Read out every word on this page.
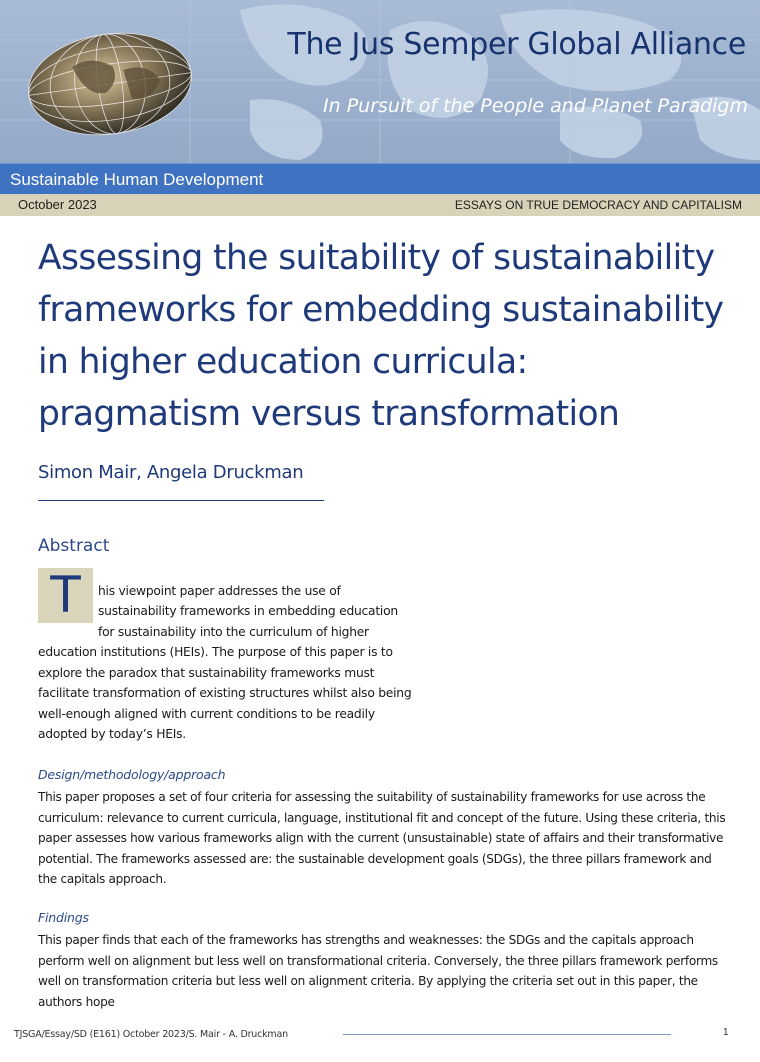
The Jus Semper Global Alliance
In Pursuit of the People and Planet Paradigm
Sustainable Human Development
October 2023	ESSAYS ON TRUE DEMOCRACY AND CAPITALISM
Assessing the suitability of sustainability
frameworks for embedding sustainability
in higher education curricula:
pragmatism versus transformation
Simon Mair, Angela Druckman
Abstract
T	his viewpoint paper addresses the use of
sustainability frameworks in embedding education
for sustainability into the curriculum of higher
education institutions (HEIs). The purpose of this paper is to
explore the paradox that sustainability frameworks must
facilitate transformation of existing structures whilst also being
well-enough aligned with current conditions to be readily
adopted by today’s HEIs.
Design/methodology/approach
This paper proposes a set of four criteria for assessing the suitability of sustainability frameworks for use across the curriculum: relevance to current curricula, language, institutional fit and concept of the future. Using these criteria, this paper assesses how various frameworks align with the current (unsustainable) state of affairs and their transformative potential. The frameworks assessed are: the sustainable development goals (SDGs), the three pillars framework and the capitals approach.
Findings
This paper finds that each of the frameworks has strengths and weaknesses: the SDGs and the capitals approach perform well on alignment but less well on transformational criteria. Conversely, the three pillars framework performs well on transformation criteria but less well on alignment criteria. By applying the criteria set out in this paper, the authors hope
TJSGA/Essay/SD (E161) October 2023/S. Mair - A. Druckman	1
